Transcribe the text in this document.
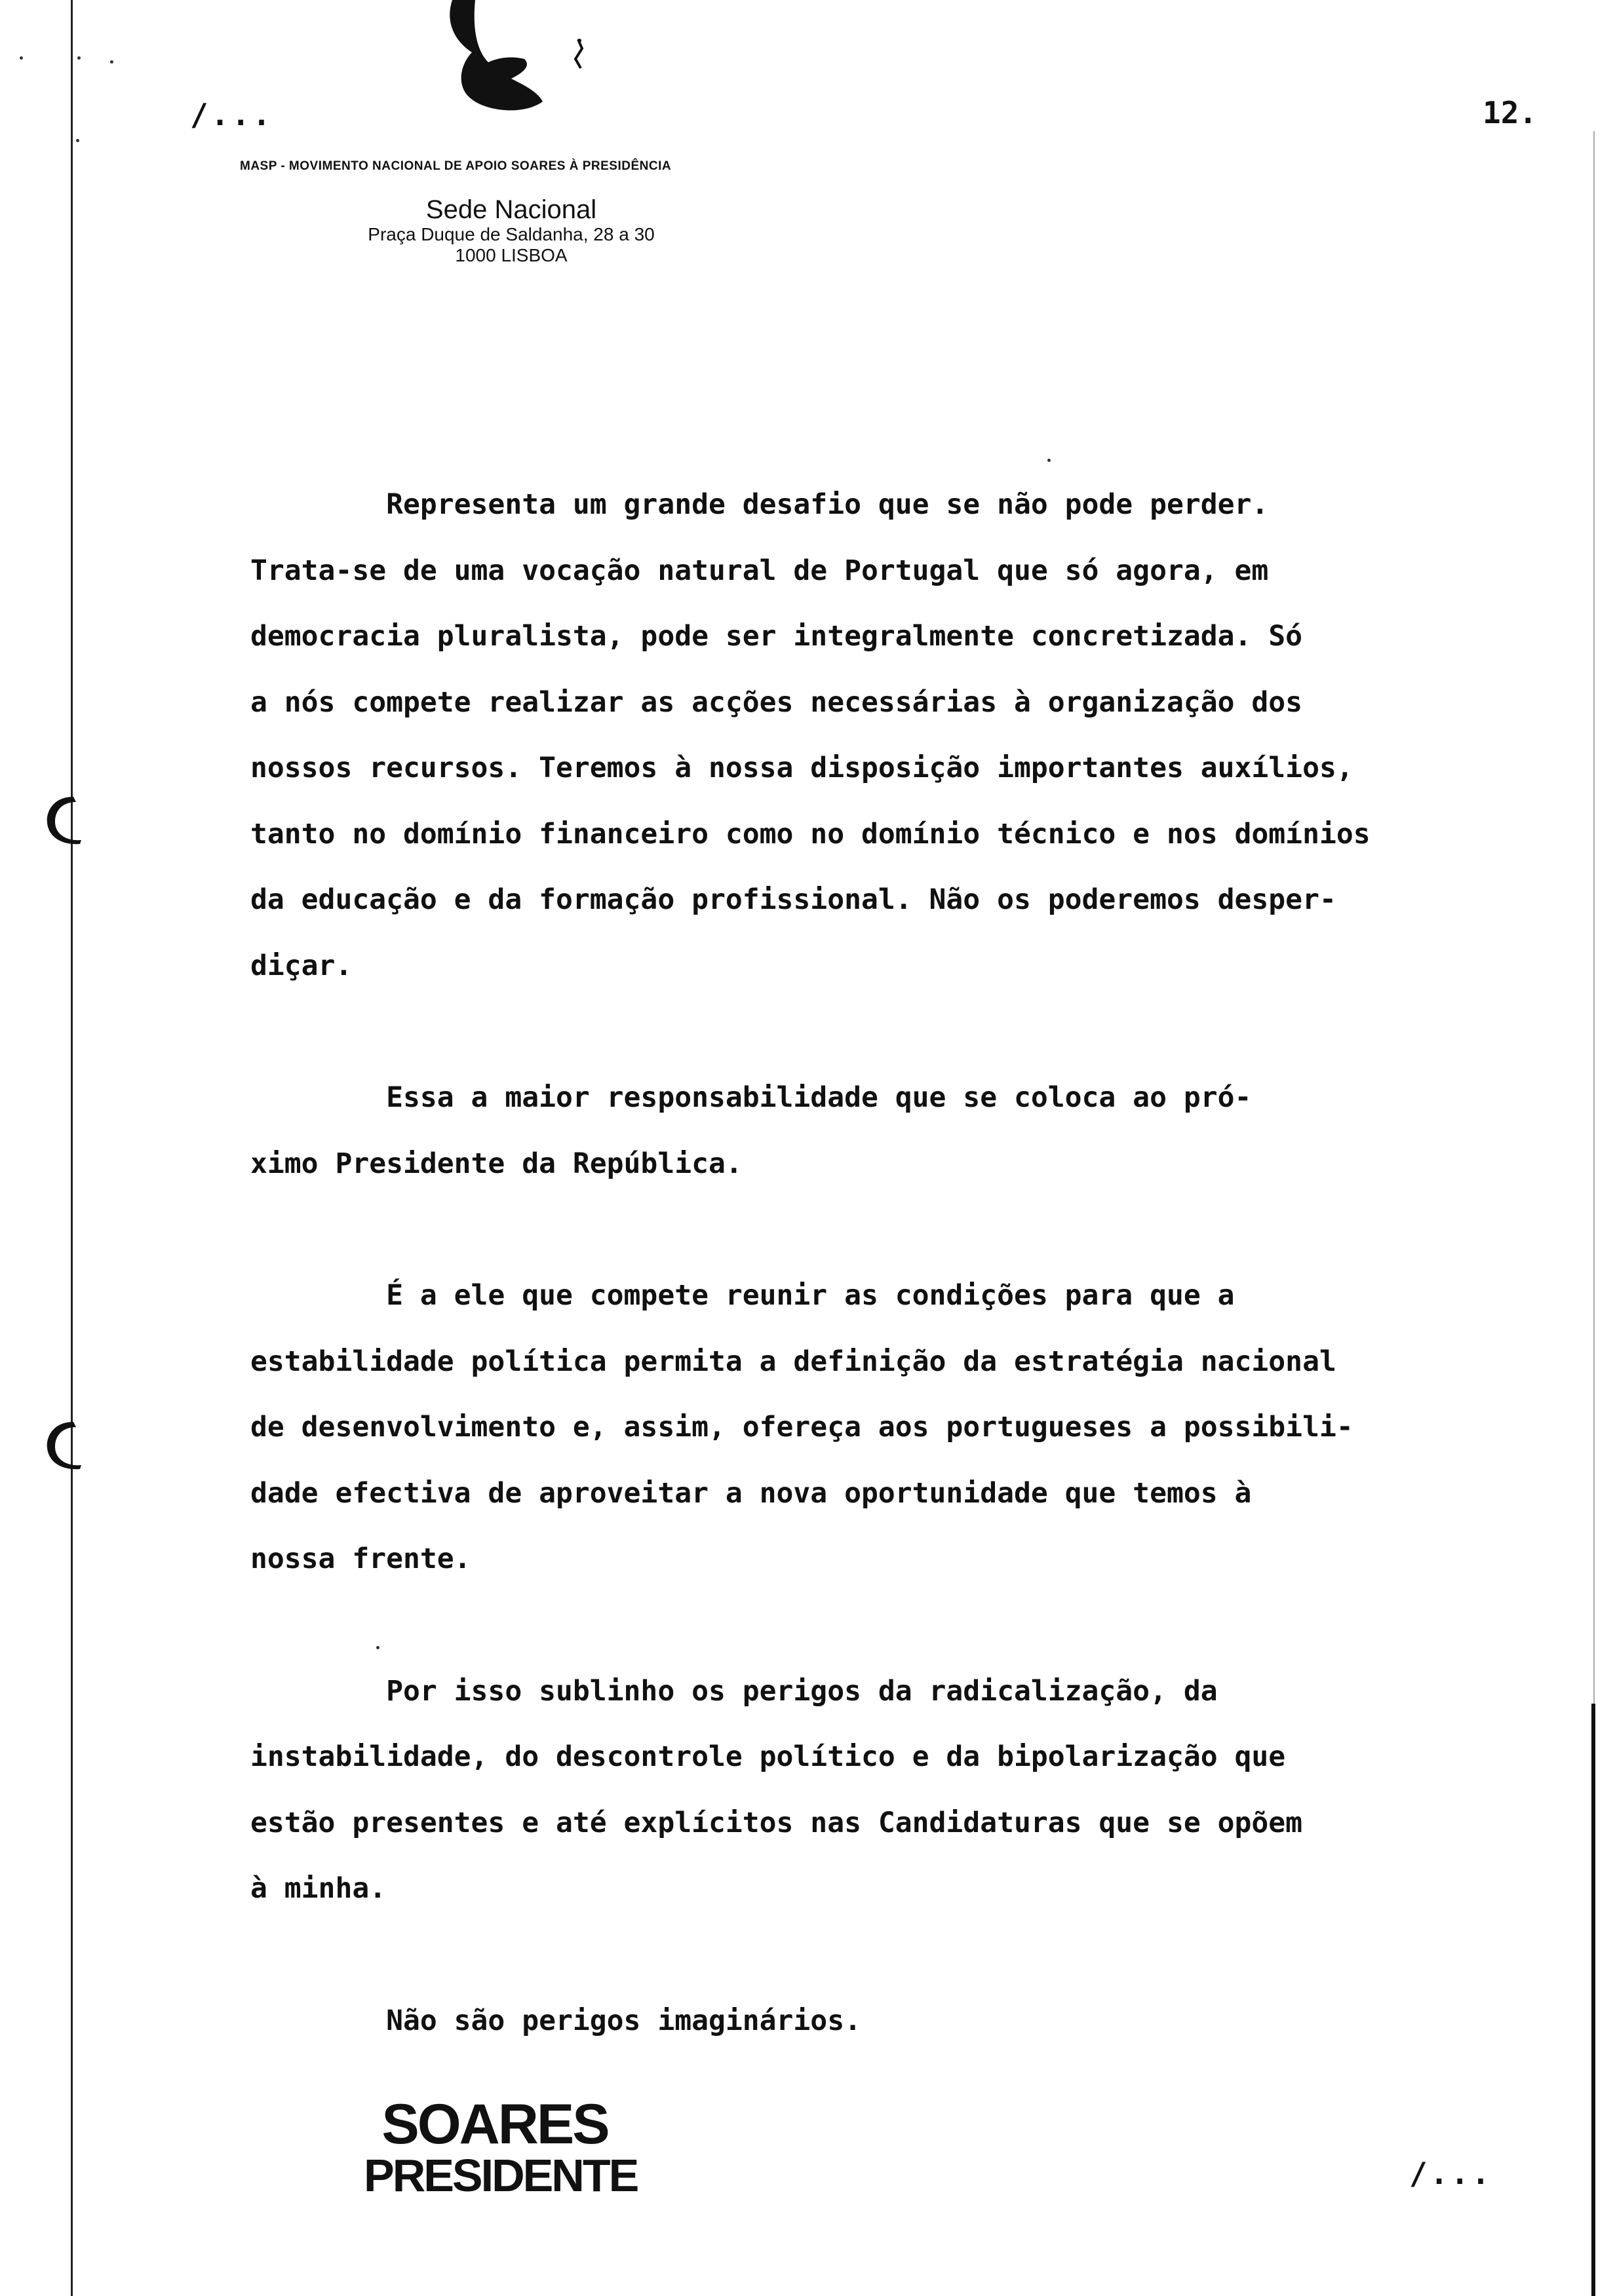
/...	12.
MASP - MOVIMENTO NACIONAL DE APOIO SOARES À PRESIDÊNCIA
Sede Nacional
Praça Duque de Saldanha, 28 a 30
1000 LISBOA
Representa um grande desafio que se não pode perder.
Trata-se de uma vocação natural de Portugal que só agora, em
democracia pluralista, pode ser integralmente concretizada. Só
a nós compete realizar as acções necessárias à organização dos
nossos recursos. Teremos à nossa disposição importantes auxílios,
tanto no domínio financeiro como no domínio técnico e nos domínios
da educação e da formação profissional. Não os poderemos desper-
diçar.
Essa a maior responsabilidade que se coloca ao pró-
ximo Presidente da República.
É a ele que compete reunir as condições para que a
estabilidade política permita a definição da estratégia nacional
de desenvolvimento e, assim, ofereça aos portugueses a possibili-
dade efectiva de aproveitar a nova oportunidade que temos à
nossa frente.
Por isso sublinho os perigos da radicalização, da
instabilidade, do descontrole político e da bipolarização que
estão presentes e até explícitos nas Candidaturas que se opõem
à minha.
Não são perigos imaginários.
SOARES
PRESIDENTE	/...
